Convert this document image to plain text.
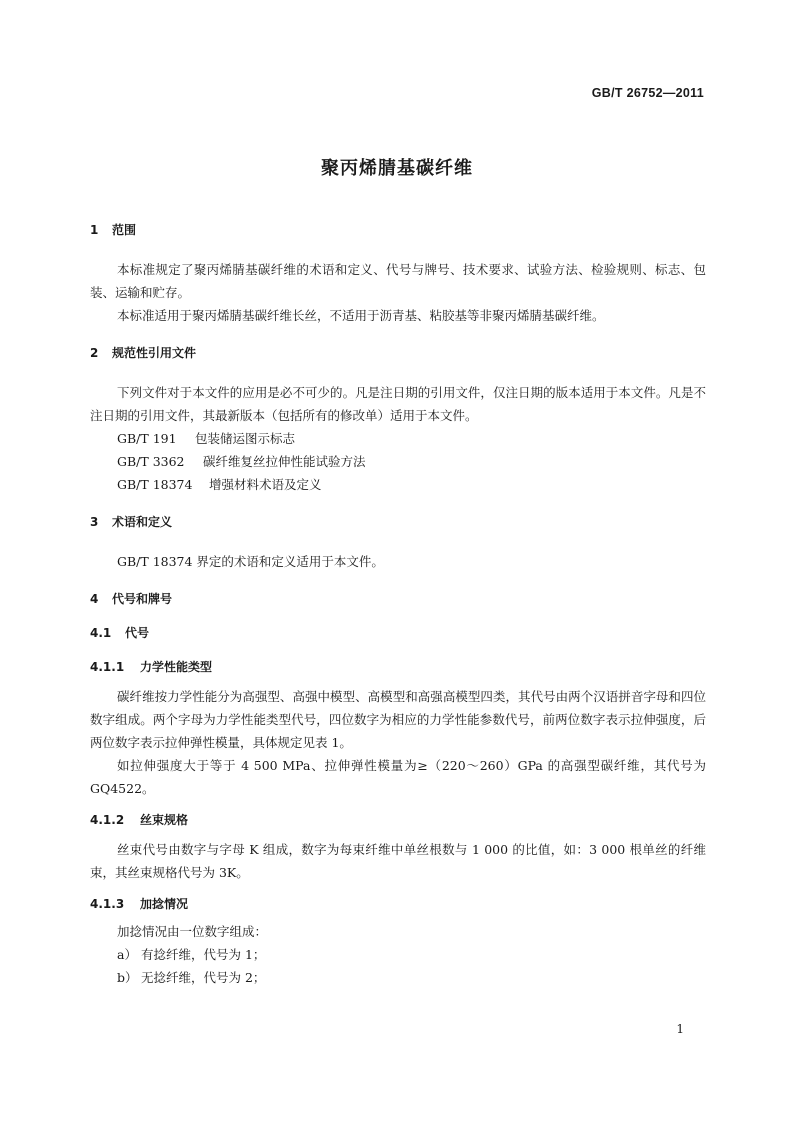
GB/T 26752—2011
聚丙烯腈基碳纤维
1 范围

本标准规定了聚丙烯腈基碳纤维的术语和定义、代号与牌号、技术要求、试验方法、检验规则、标志、包装、运输和贮存。

本标准适用于聚丙烯腈基碳纤维长丝，不适用于沥青基、粘胶基等非聚丙烯腈基碳纤维。

2 规范性引用文件

下列文件对于本文件的应用是必不可少的。凡是注日期的引用文件，仅注日期的版本适用于本文件。凡是不注日期的引用文件，其最新版本（包括所有的修改单）适用于本文件。

GB/T 191 包装储运图示标志

GB/T 3362 碳纤维复丝拉伸性能试验方法

GB/T 18374 增强材料术语及定义

3 术语和定义

GB/T 18374 界定的术语和定义适用于本文件。

4 代号和牌号
4.1 代号
4.1.1 力学性能类型

碳纤维按力学性能分为高强型、高强中模型、高模型和高强高模型四类，其代号由两个汉语拼音字母和四位数字组成。两个字母为力学性能类型代号，四位数字为相应的力学性能参数代号，前两位数字表示拉伸强度，后两位数字表示拉伸弹性模量，具体规定见表 1。

如拉伸强度大于等于 4 500 MPa、拉伸弹性模量为≥（220～260）GPa 的高强型碳纤维，其代号为 GQ4522。

4.1.2 丝束规格

丝束代号由数字与字母 K 组成，数字为每束纤维中单丝根数与 1 000 的比值，如：3 000 根单丝的纤维束，其丝束规格代号为 3K。

4.1.3 加捻情况

加捻情况由一位数字组成：

a） 有捻纤维，代号为 1；

b） 无捻纤维，代号为 2；

1
